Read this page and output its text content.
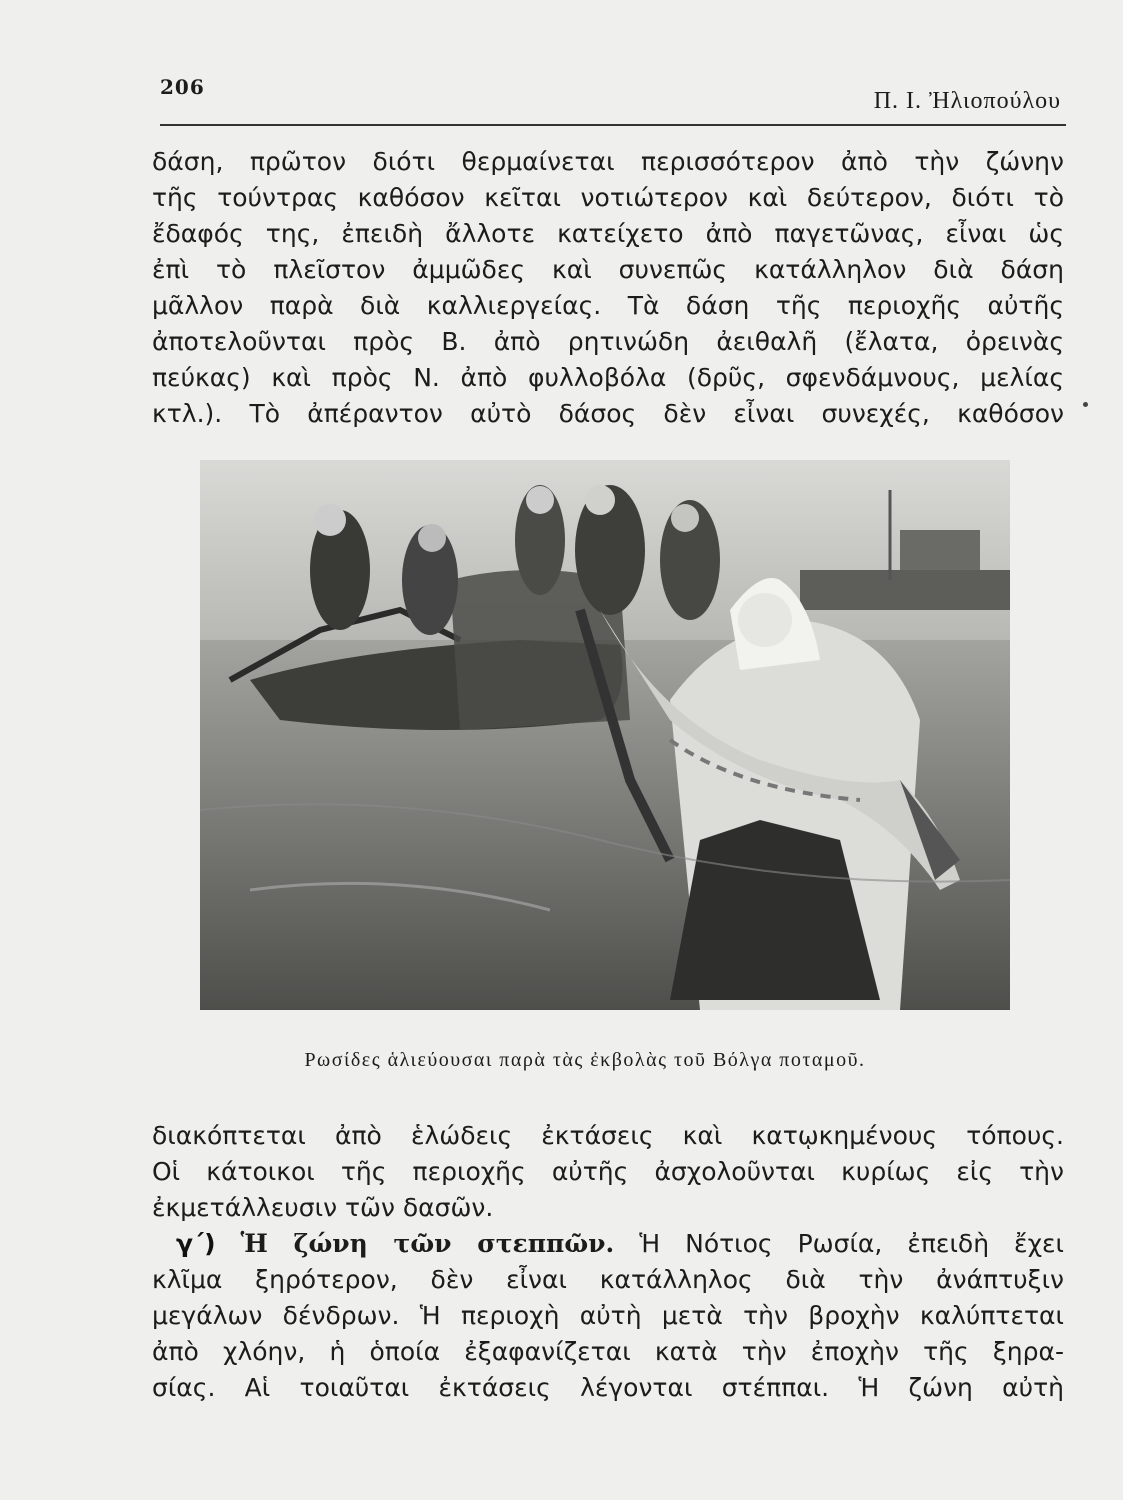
206
Π. Ι. Ἠλιοπούλου
δάση, πρῶτον διότι θερμαίνεται περισσότερον ἀπὸ τὴν ζώνην
τῆς τούντρας καθόσον κεῖται νοτιώτερον καὶ δεύτερον, διότι τὸ
ἔδαφός της, ἐπειδὴ ἄλλοτε κατείχετο ἀπὸ παγετῶνας, εἶναι ὡς
ἐπὶ τὸ πλεῖστον ἀμμῶδες καὶ συνεπῶς κατάλληλον διὰ δάση
μᾶλλον παρὰ διὰ καλλιεργείας. Τὰ δάση τῆς περιοχῆς αὐτῆς
ἀποτελοῦνται πρὸς Β. ἀπὸ ρητινώδη ἀειθαλῆ (ἔλατα, ὀρεινὰς
πεύκας) καὶ πρὸς Ν. ἀπὸ φυλλοβόλα (δρῦς, σφενδάμνους, μελίας
κτλ.). Τὸ ἀπέραντον αὐτὸ δάσος δὲν εἶναι συνεχές, καθόσον
Ρωσίδες ἁλιεύουσαι παρὰ τὰς ἐκβολὰς τοῦ Βόλγα ποταμοῦ.
διακόπτεται ἀπὸ ἑλώδεις ἐκτάσεις καὶ κατῳκημένους τόπους.
Οἱ κάτοικοι τῆς περιοχῆς αὐτῆς ἀσχολοῦνται κυρίως εἰς τὴν
ἐκμετάλλευσιν τῶν δασῶν.
γ΄) Ἡ ζώνη τῶν στεππῶν. Ἡ Νότιος Ρωσία, ἐπειδὴ ἔχει
κλῖμα ξηρότερον, δὲν εἶναι κατάλληλος διὰ τὴν ἀνάπτυξιν
μεγάλων δένδρων. Ἡ περιοχὴ αὐτὴ μετὰ τὴν βροχὴν καλύπτεται
ἀπὸ χλόην, ἡ ὁποία ἐξαφανίζεται κατὰ τὴν ἐποχὴν τῆς ξηρα-
σίας. Αἱ τοιαῦται ἐκτάσεις λέγονται στέππαι. Ἡ ζώνη αὐτὴ
